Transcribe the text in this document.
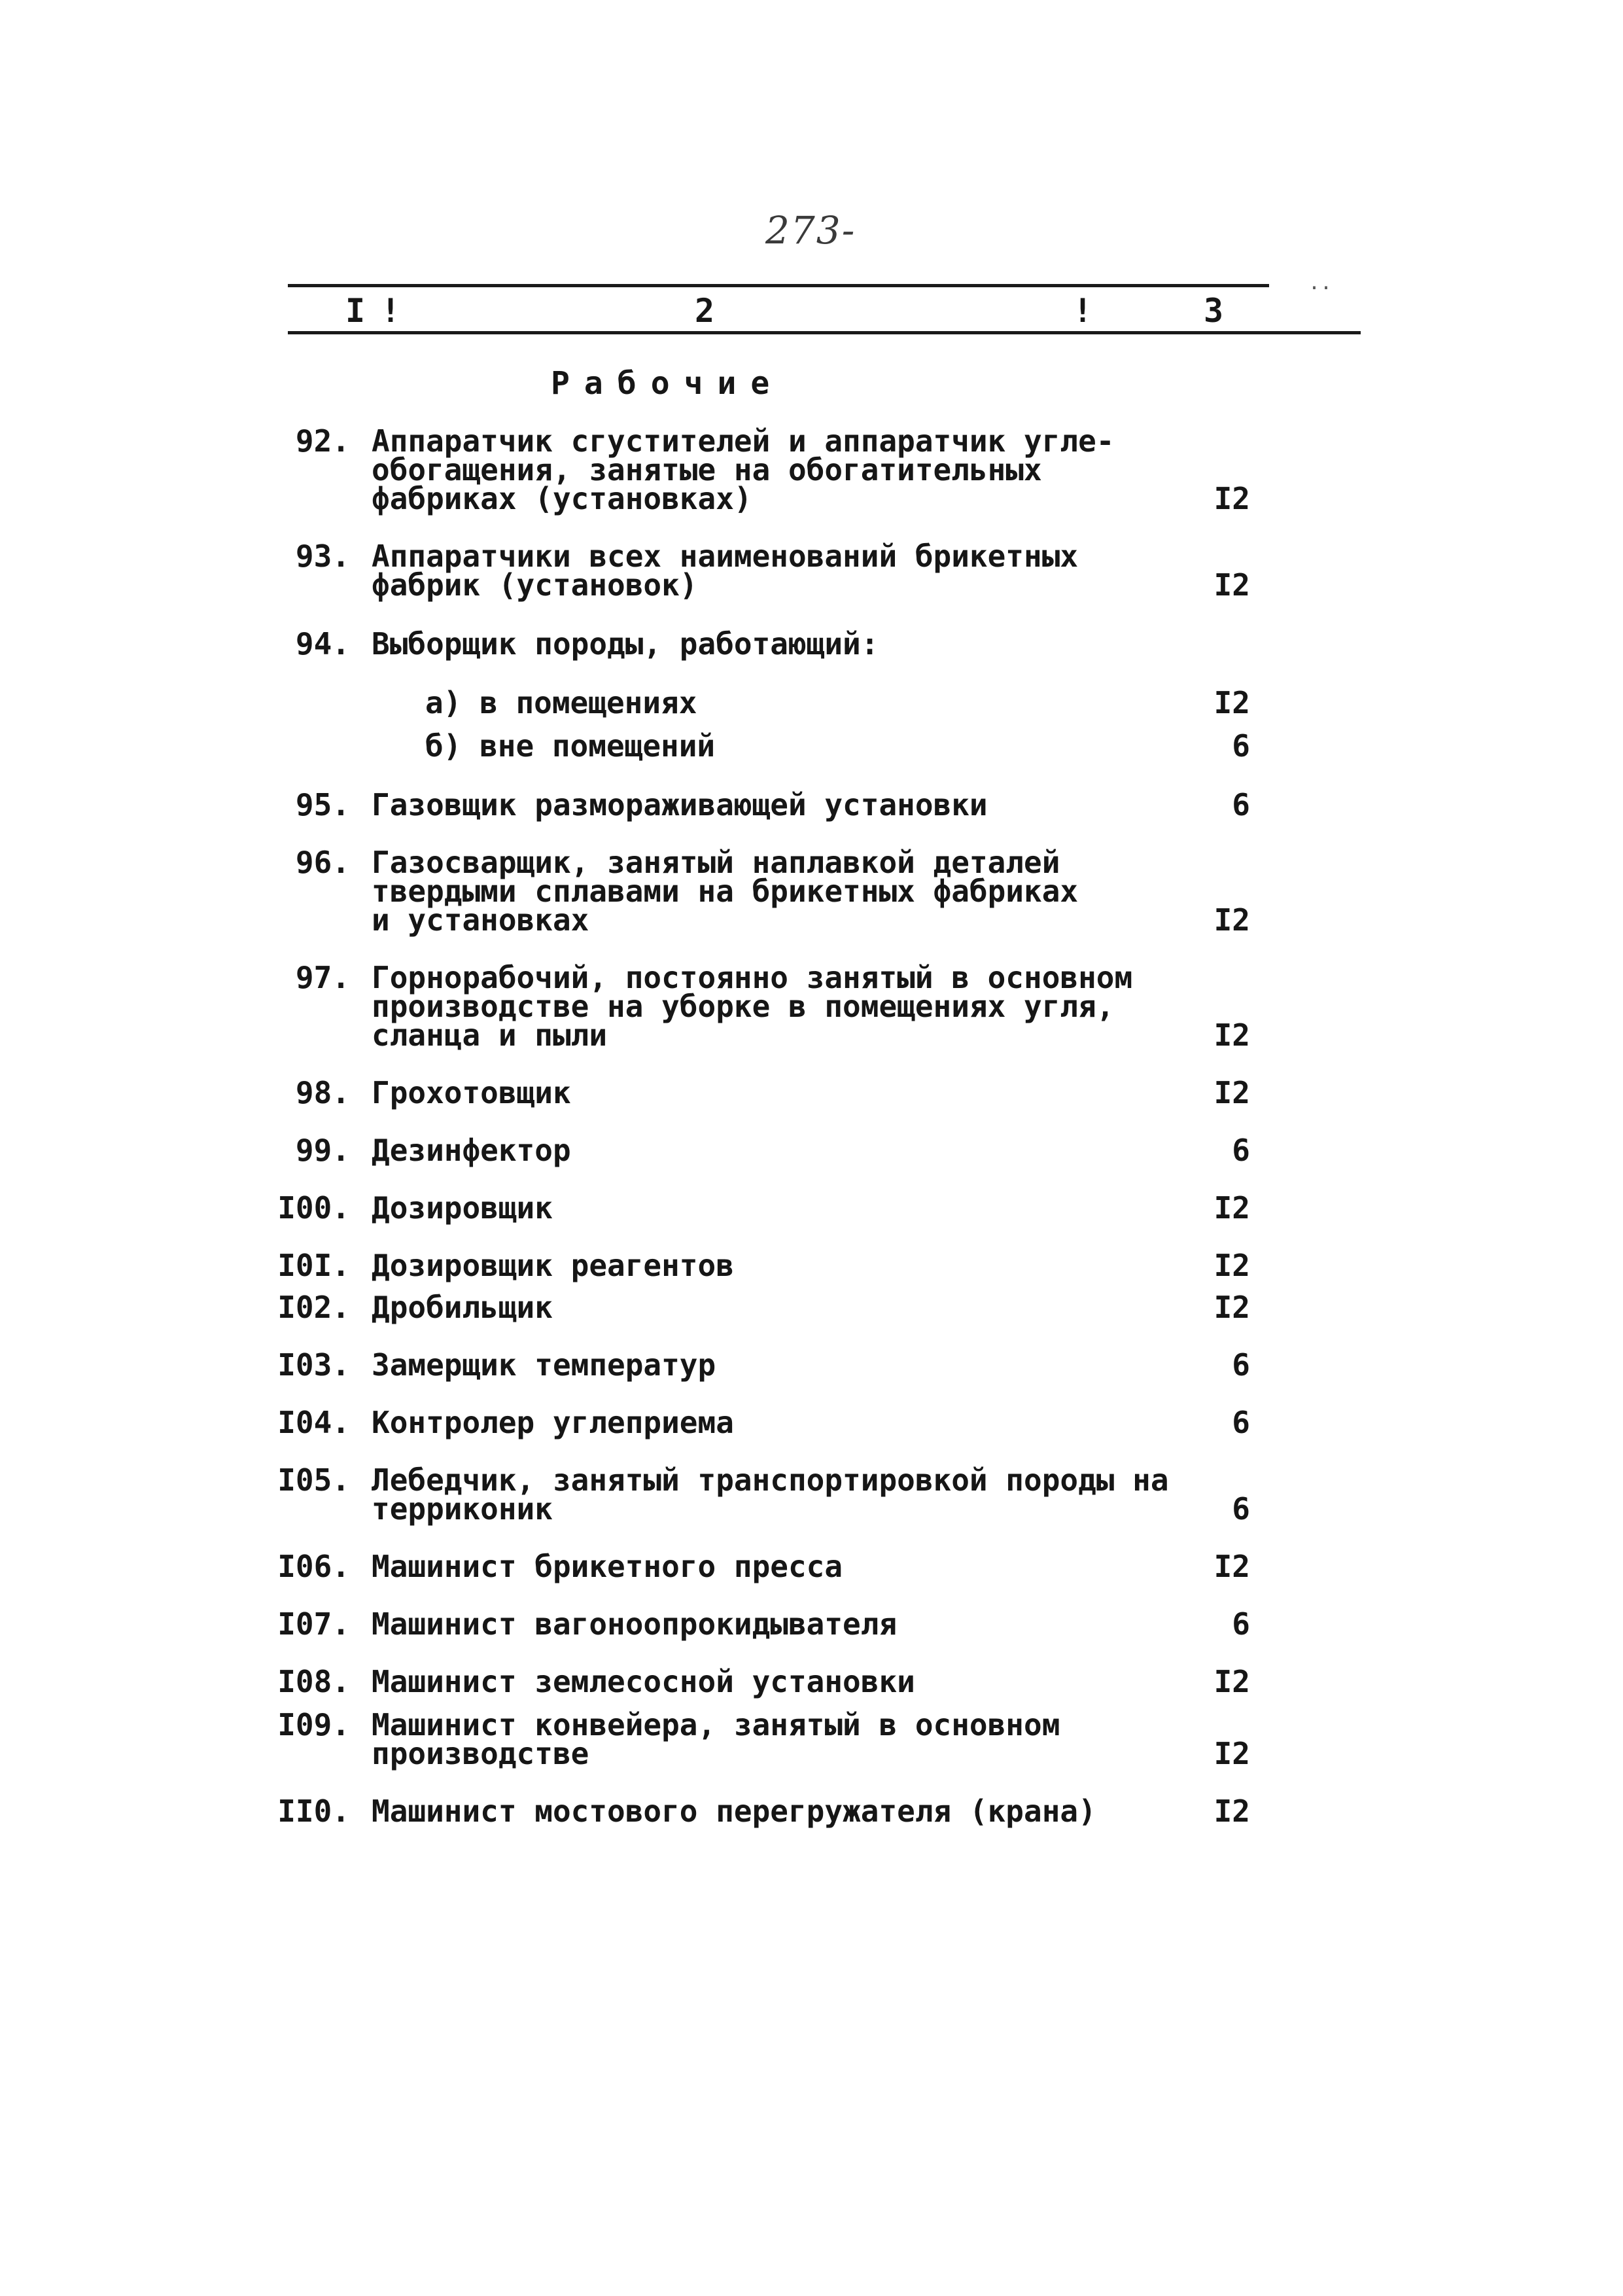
273-
..
I !	2	!	3
Рабочие
92. Аппаратчик сгустителей и аппаратчик угле-
обогащения, занятые на обогатительных
фабриках (установках)	I2
93. Аппаратчики всех наименований брикетных
фабрик (установок)	I2
94. Выборщик породы, работающий:
а) в помещениях	I2
б) вне помещений	6
95. Газовщик размораживающей установки	6
96. Газосварщик, занятый наплавкой деталей
твердыми сплавами на брикетных фабриках
и установках	I2
97. Горнорабочий, постоянно занятый в основном
производстве на уборке в помещениях угля,
сланца и пыли	I2
98. Грохотовщик	I2
99. Дезинфектор	6
I00. Дозировщик	I2
I0I. Дозировщик реагентов	I2
I02. Дробильщик	I2
I03. Замерщик температур	6
I04. Контролер углеприема	6
I05. Лебедчик, занятый транспортировкой породы на
терриконик	6
I06. Машинист брикетного пресса	I2
I07. Машинист вагоноопрокидывателя	6
I08. Машинист землесосной установки	I2
I09. Машинист конвейера, занятый в основном
производстве	I2
II0. Машинист мостового перегружателя (крана)	I2
